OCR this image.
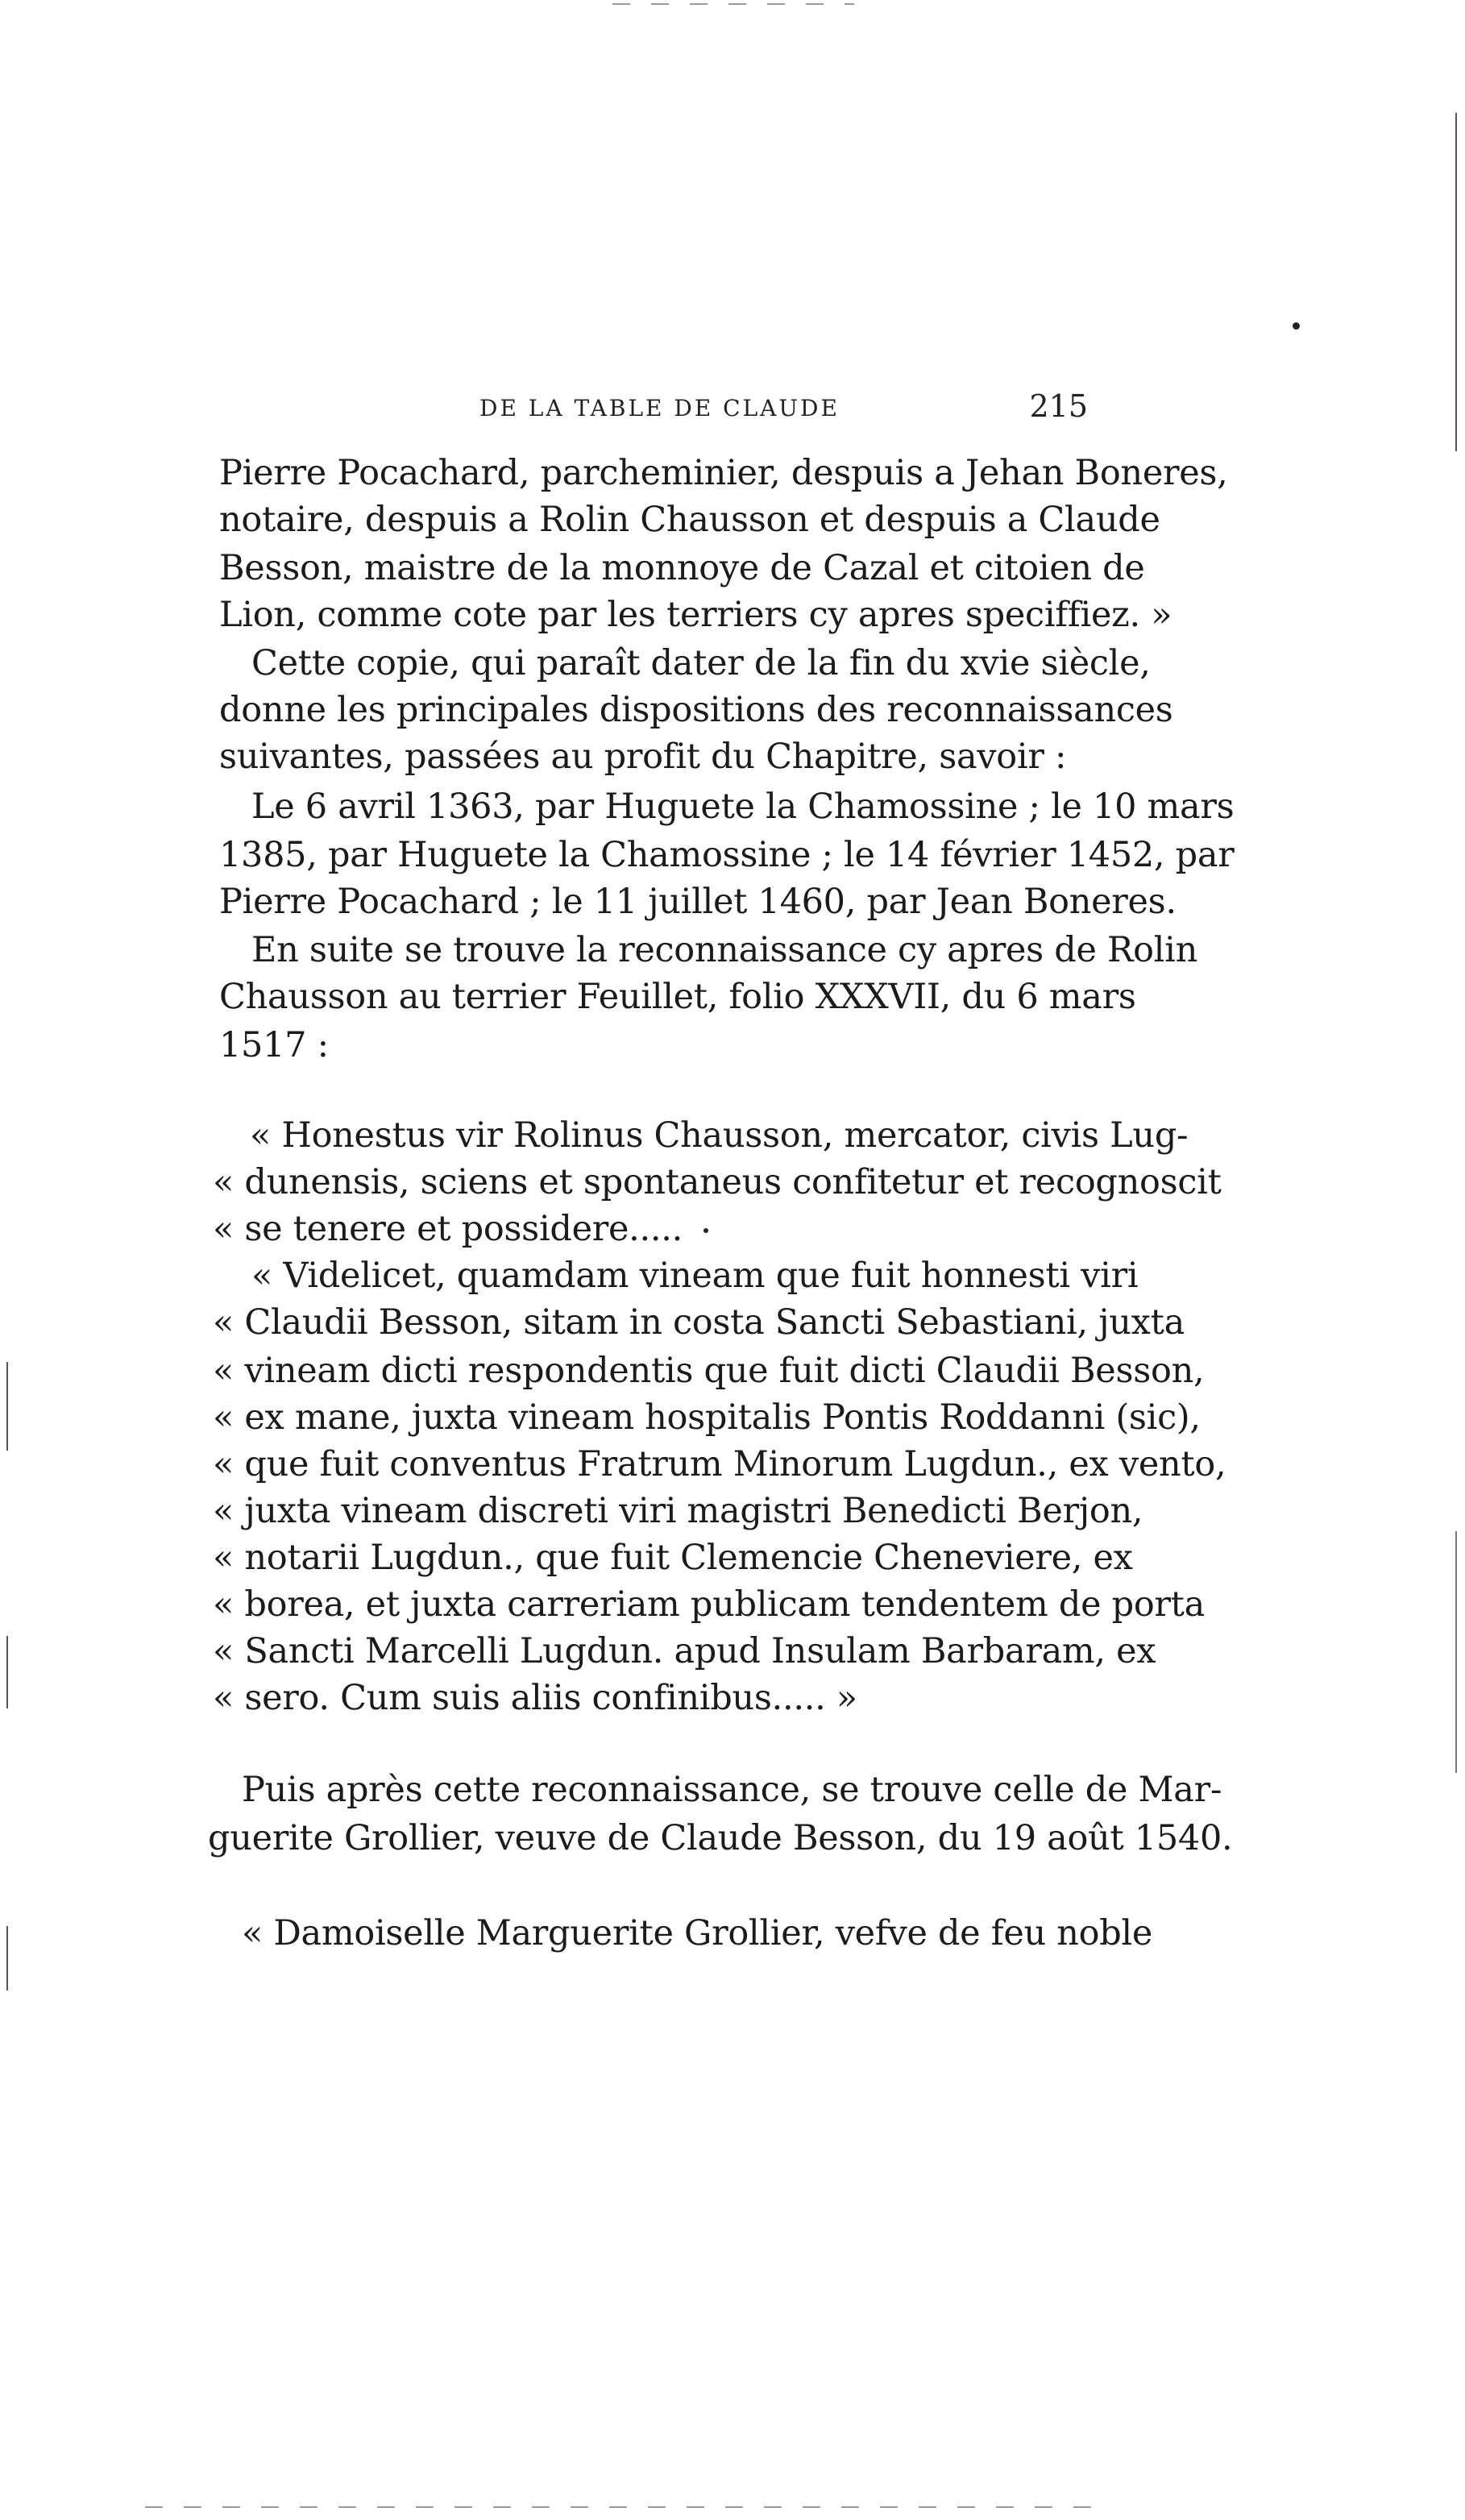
DE LA TABLE DE CLAUDE	215
Pierre Pocachard, parcheminier, despuis a Jehan Boneres,
notaire, despuis a Rolin Chausson et despuis a Claude
Besson, maistre de la monnoye de Cazal et citoien de
Lion, comme cote par les terriers cy apres speciffiez. »
Cette copie, qui paraît dater de la fin du xvie siècle,
donne les principales dispositions des reconnaissances
suivantes, passées au profit du Chapitre, savoir :
Le 6 avril 1363, par Huguete la Chamossine ; le 10 mars
1385, par Huguete la Chamossine ; le 14 février 1452, par
Pierre Pocachard ; le 11 juillet 1460, par Jean Boneres.
En suite se trouve la reconnaissance cy apres de Rolin
Chausson au terrier Feuillet, folio XXXVII, du 6 mars
1517 :
« Honestus vir Rolinus Chausson, mercator, civis Lug-
« dunensis, sciens et spontaneus confitetur et recognoscit
« se tenere et possidere.....
« Videlicet, quamdam vineam que fuit honnesti viri
« Claudii Besson, sitam in costa Sancti Sebastiani, juxta
« vineam dicti respondentis que fuit dicti Claudii Besson,
« ex mane, juxta vineam hospitalis Pontis Roddanni (sic),
« que fuit conventus Fratrum Minorum Lugdun., ex vento,
« juxta vineam discreti viri magistri Benedicti Berjon,
« notarii Lugdun., que fuit Clemencie Cheneviere, ex
« borea, et juxta carreriam publicam tendentem de porta
« Sancti Marcelli Lugdun. apud Insulam Barbaram, ex
« sero. Cum suis aliis confinibus..... »
Puis après cette reconnaissance, se trouve celle de Mar-
guerite Grollier, veuve de Claude Besson, du 19 août 1540.
« Damoiselle Marguerite Grollier, vefve de feu noble
